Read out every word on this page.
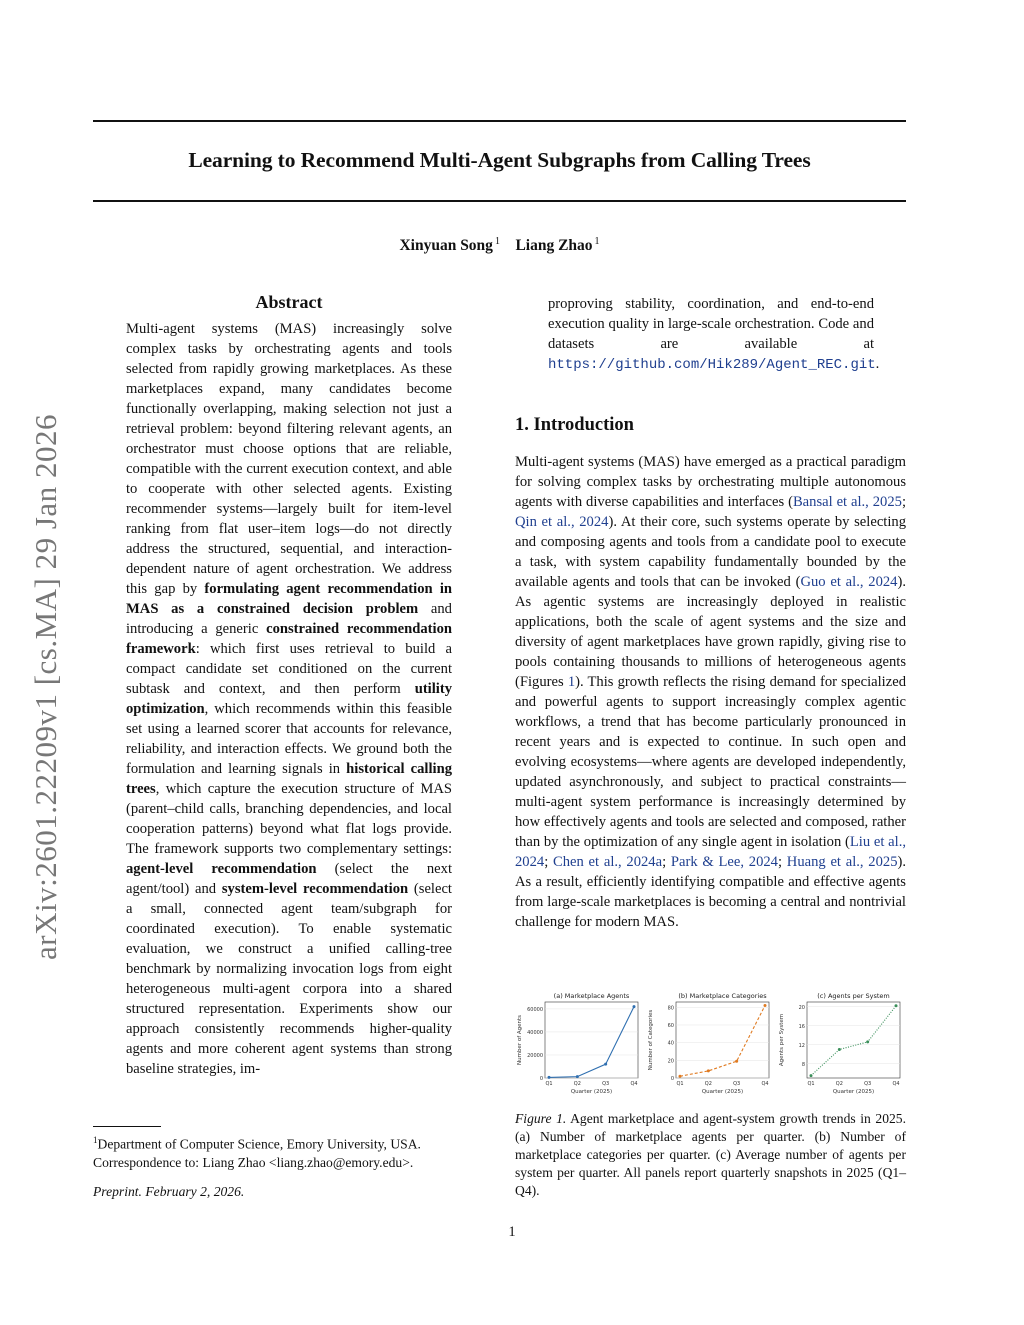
Learning to Recommend Multi-Agent Subgraphs from Calling Trees
Xinyuan Song $^1$ Liang Zhao $^1$
arXiv:2601.22209v1 [cs.MA] 29 Jan 2026
Abstract
Multi-agent systems (MAS) increasingly solve complex tasks by orchestrating agents and tools selected from rapidly growing marketplaces. As these marketplaces expand, many candidates become functionally overlapping, making selection not just a retrieval problem: beyond filtering relevant agents, an orchestrator must choose options that are reliable, compatible with the current execution context, and able to cooperate with other selected agents. Existing recommender systems—largely built for item-level ranking from flat user–item logs—do not directly address the structured, sequential, and interaction-dependent nature of agent orchestration. We address this gap by formulating agent recommendation in MAS as a constrained decision problem and introducing a generic constrained recommendation framework: which first uses retrieval to build a compact candidate set conditioned on the current subtask and context, and then perform utility optimization, which recommends within this feasible set using a learned scorer that accounts for relevance, reliability, and interaction effects. We ground both the formulation and learning signals in historical calling trees, which capture the execution structure of MAS (parent–child calls, branching dependencies, and local cooperation patterns) beyond what flat logs provide. The framework supports two complementary settings: agent-level recommendation (select the next agent/tool) and system-level recommendation (select a small, connected agent team/subgraph for coordinated execution). To enable systematic evaluation, we construct a unified calling-tree benchmark by normalizing invocation logs from eight heterogeneous multi-agent corpora into a shared structured representation. Experiments show our approach consistently recommends higher-quality agents and more coherent agent systems than strong baseline strategies, im-
proproving stability, coordination, and end-to-end execution quality in large-scale orchestration. Code and datasets are available at https://github.com/Hik289/Agent_REC.git.
1. Introduction
Multi-agent systems (MAS) have emerged as a practical paradigm for solving complex tasks by orchestrating multiple autonomous agents with diverse capabilities and interfaces (Bansal et al., 2025; Qin et al., 2024). At their core, such systems operate by selecting and composing agents and tools from a candidate pool to execute a task, with system capability fundamentally bounded by the available agents and tools that can be invoked (Guo et al., 2024). As agentic systems are increasingly deployed in realistic applications, both the scale of agent systems and the size and diversity of agent marketplaces have grown rapidly, giving rise to pools containing thousands to millions of heterogeneous agents (Figures 1). This growth reflects the rising demand for specialized and powerful agents to support increasingly complex agentic workflows, a trend that has become particularly pronounced in recent years and is expected to continue. In such open and evolving ecosystems—where agents are developed independently, updated asynchronously, and subject to practical constraints—multi-agent system performance is increasingly determined by how effectively agents and tools are selected and composed, rather than by the optimization of any single agent in isolation (Liu et al., 2024; Chen et al., 2024a; Park & Lee, 2024; Huang et al., 2025). As a result, efficiently identifying compatible and effective agents from large-scale marketplaces is becoming a central and nontrivial challenge for modern MAS.
(a) Marketplace Agents
0
20000
40000
60000
Q1	Q2	Q3	Q4
Quarter (2025)
Number of Agents
(b) Marketplace Categories
0
20
40
60
80
Q1	Q2	Q3	Q4
Quarter (2025)
Number of Categories
(c) Agents per System
8
12
16
20
Q1	Q2	Q3	Q4
Quarter (2025)
Agents per System
Figure 1. Agent marketplace and agent-system growth trends in 2025. (a) Number of marketplace agents per quarter. (b) Number of marketplace categories per quarter. (c) Average number of agents per system per quarter. All panels report quarterly snapshots in 2025 (Q1–Q4).
$^1$Department of Computer Science, Emory University, USA. Correspondence to: Liang Zhao <liang.zhao@emory.edu>.
Preprint. February 2, 2026.
1
